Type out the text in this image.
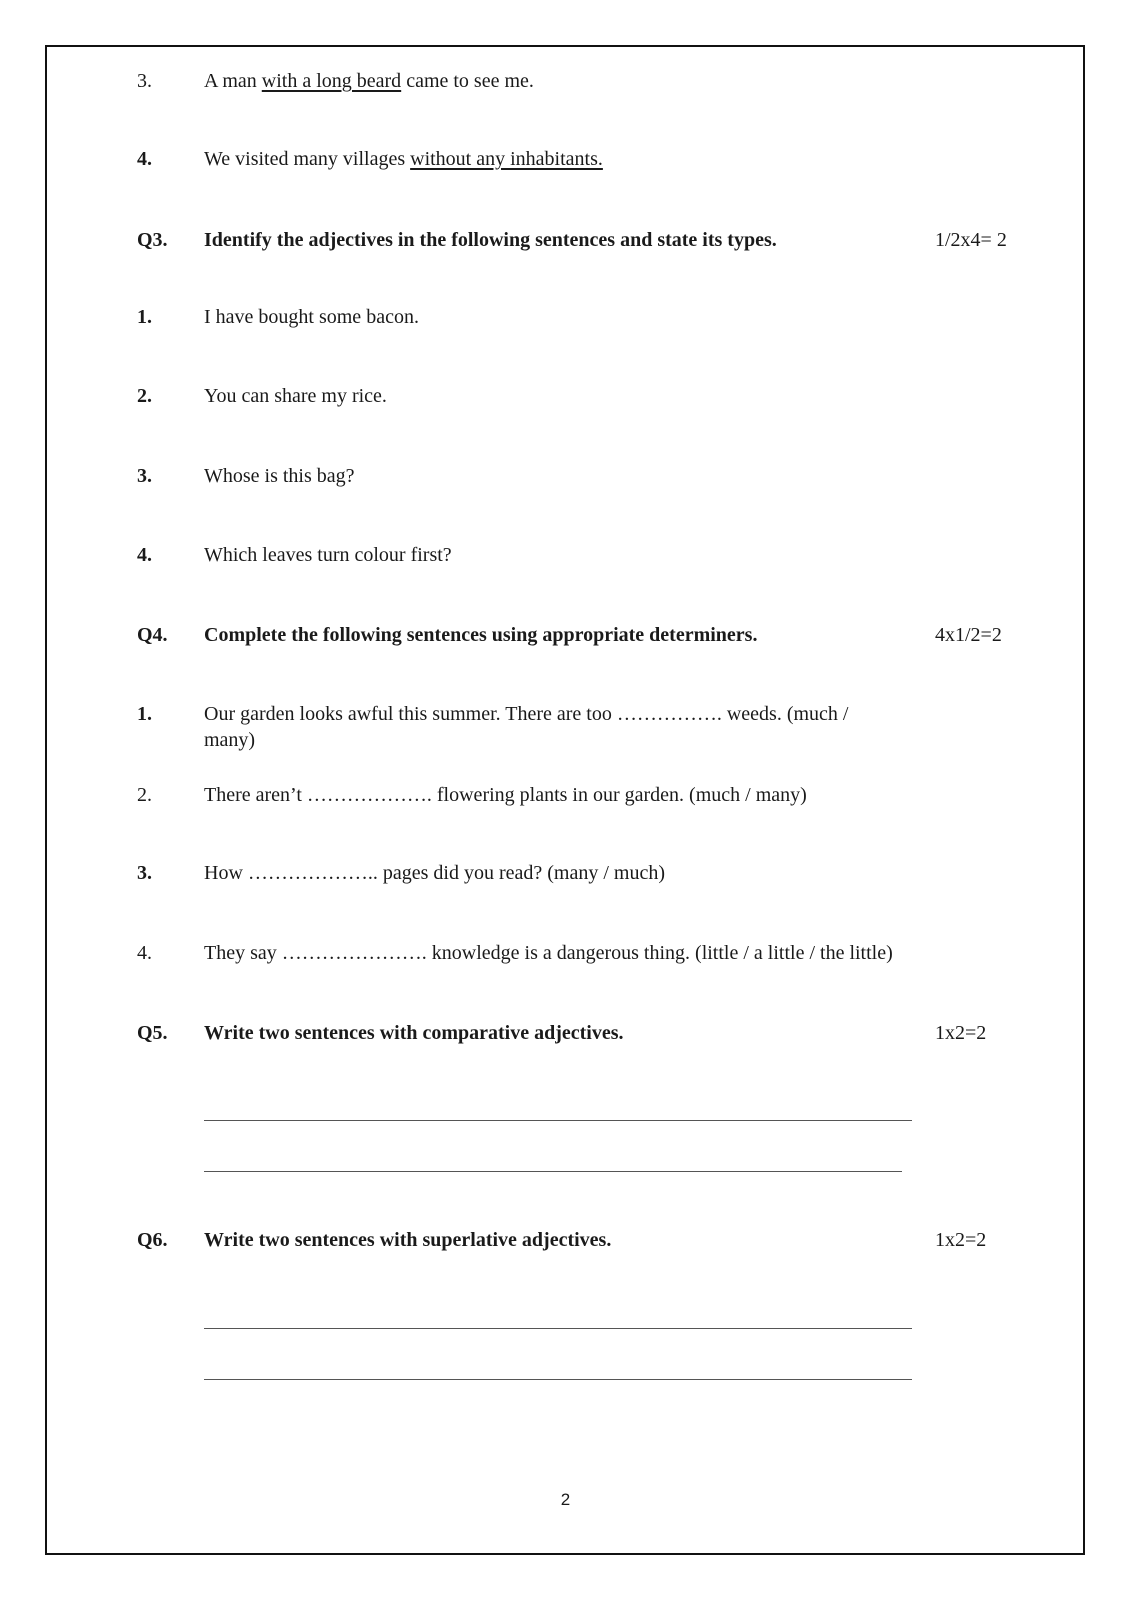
3.	A man with a long beard came to see me.
4.	We visited many villages without any inhabitants.
Q3.	Identify the adjectives in the following sentences and state its types.	1/2x4= 2
1.	I have bought some bacon.
2.	You can share my rice.
3.	Whose is this bag?
4.	Which leaves turn colour first?
Q4.	Complete the following sentences using appropriate determiners.	4x1/2=2
1.	Our garden looks awful this summer. There are too ……………. weeds. (much / many)
2.	There aren’t ………………. flowering plants in our garden. (much / many)
3.	How ……………….. pages did you read? (many / much)
4.	They say …………………. knowledge is a dangerous thing. (little / a little / the little)
Q5.	Write two sentences with comparative adjectives.	1x2=2
Q6.	Write two sentences with superlative adjectives.	1x2=2
2
